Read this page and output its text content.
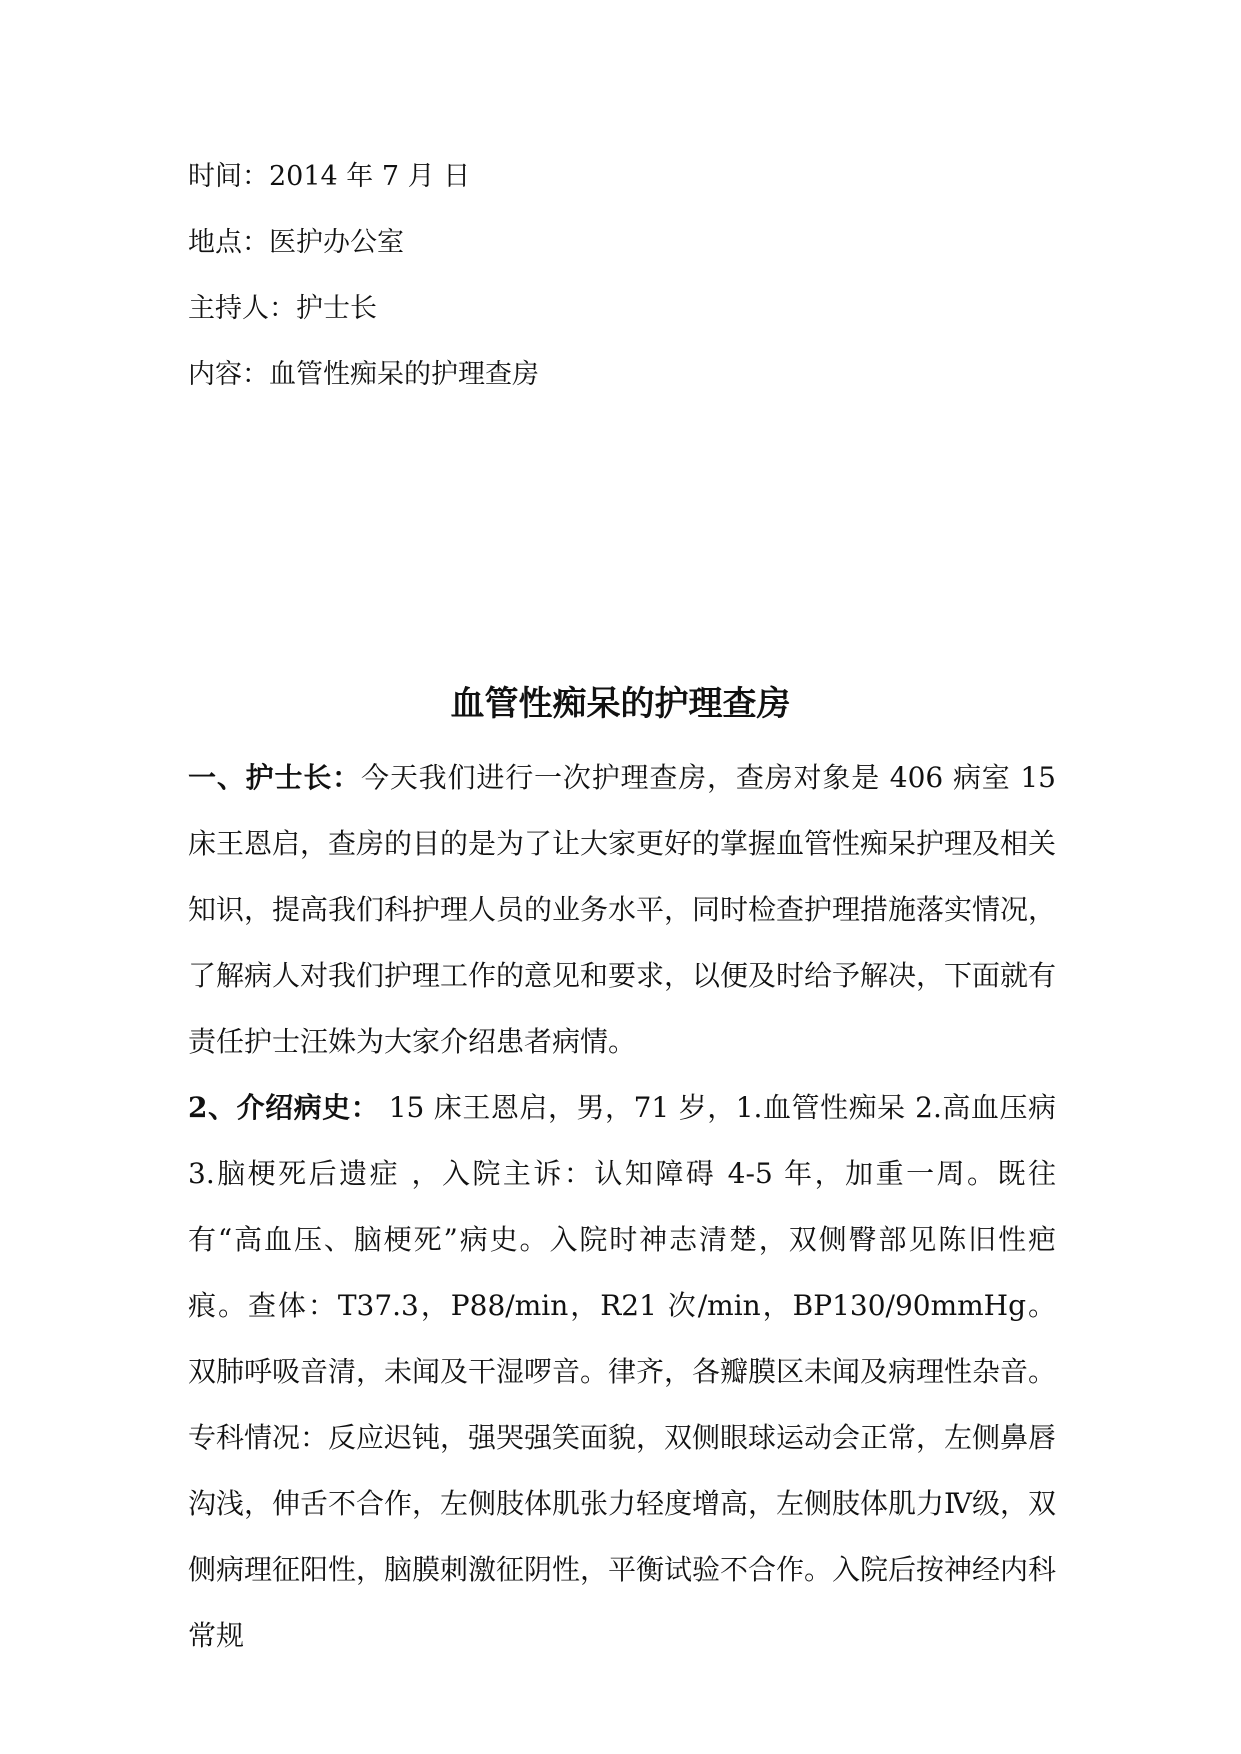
时间：2014 年 7 月 日
地点：医护办公室
主持人：护士长
内容：血管性痴呆的护理查房
血管性痴呆的护理查房

一、护士长：今天我们进行一次护理查房，查房对象是 406 病室 15 床王恩启，查房的目的是为了让大家更好的掌握血管性痴呆护理及相关知识，提高我们科护理人员的业务水平，同时检查护理措施落实情况，了解病人对我们护理工作的意见和要求，以便及时给予解决，下面就有责任护士汪姝为大家介绍患者病情。

2、介绍病史： 15 床王恩启，男，71 岁，1.血管性痴呆 2.高血压病 3.脑梗死后遗症 ，入院主诉：认知障碍 4-5 年，加重一周。既往有“高血压、脑梗死”病史。入院时神志清楚，双侧臀部见陈旧性疤痕。查体：T37.3，P88/min，R21 次/min，BP130/90mmHg。双肺呼吸音清，未闻及干湿啰音。律齐，各瓣膜区未闻及病理性杂音。专科情况：反应迟钝，强哭强笑面貌，双侧眼球运动会正常，左侧鼻唇沟浅，伸舌不合作，左侧肢体肌张力轻度增高，左侧肢体肌力Ⅳ级，双侧病理征阳性，脑膜刺激征阴性，平衡试验不合作。入院后按神经内科常规
